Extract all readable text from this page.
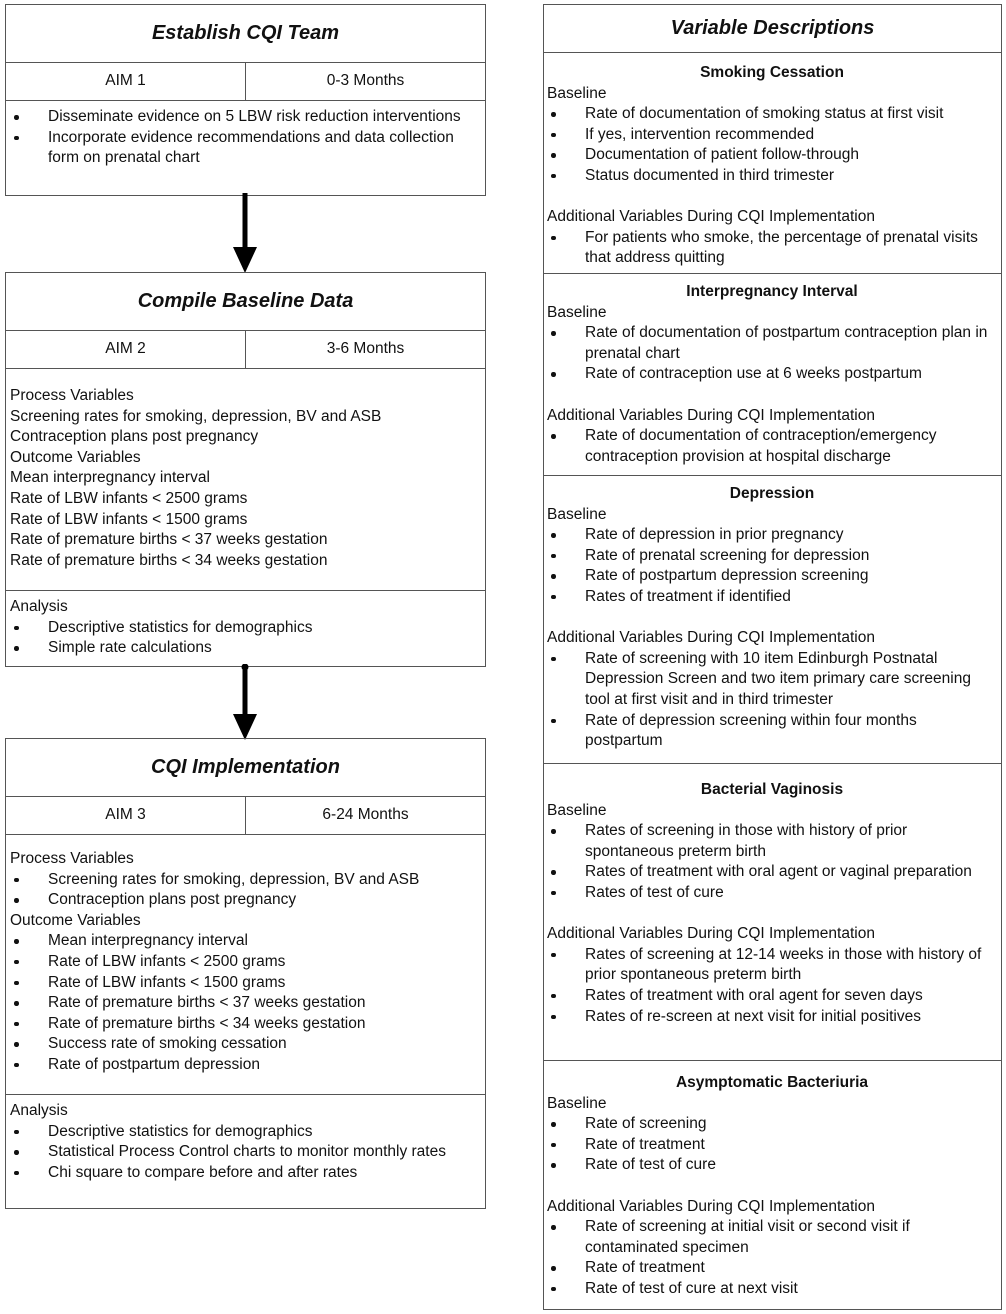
Establish CQI Team
AIM 1	0-3 Months
Disseminate evidence on 5 LBW risk reduction interventions
Incorporate evidence recommendations and data collection form on prenatal chart
Compile Baseline Data
AIM 2	3-6 Months
Process Variables
Screening rates for smoking, depression, BV and ASB
Contraception plans post pregnancy
Outcome Variables
Mean interpregnancy interval
Rate of LBW infants < 2500 grams
Rate of LBW infants < 1500 grams
Rate of premature births < 37 weeks gestation
Rate of premature births < 34 weeks gestation
Analysis
Descriptive statistics for demographics
Simple rate calculations
CQI Implementation
AIM 3	6-24 Months
Process Variables
Screening rates for smoking, depression, BV and ASB
Contraception plans post pregnancy
Outcome Variables
Mean interpregnancy interval
Rate of LBW infants < 2500 grams
Rate of LBW infants < 1500 grams
Rate of premature births < 37 weeks gestation
Rate of premature births < 34 weeks gestation
Success rate of smoking cessation
Rate of postpartum depression
Analysis
Descriptive statistics for demographics
Statistical Process Control charts to monitor monthly rates
Chi square to compare before and after rates
Variable Descriptions
Smoking Cessation
Baseline
Rate of documentation of smoking status at first visit
If yes, intervention recommended
Documentation of patient follow-through
Status documented in third trimester
Additional Variables During CQI Implementation
For patients who smoke, the percentage of prenatal visits that address quitting
Interpregnancy Interval
Baseline
Rate of documentation of postpartum contraception plan in prenatal chart
Rate of contraception use at 6 weeks postpartum
Additional Variables During CQI Implementation
Rate of documentation of contraception/emergency contraception provision at hospital discharge
Depression
Baseline
Rate of depression in prior pregnancy
Rate of prenatal screening for depression
Rate of postpartum depression screening
Rates of treatment if identified
Additional Variables During CQI Implementation
Rate of screening with 10 item Edinburgh Postnatal Depression Screen and two item primary care screening tool at first visit and in third trimester
Rate of depression screening within four months postpartum
Bacterial Vaginosis
Baseline
Rates of screening in those with history of prior spontaneous preterm birth
Rates of treatment with oral agent or vaginal preparation
Rates of test of cure
Additional Variables During CQI Implementation
Rates of screening at 12-14 weeks in those with history of prior spontaneous preterm birth
Rates of treatment with oral agent for seven days
Rates of re-screen at next visit for initial positives
Asymptomatic Bacteriuria
Baseline
Rate of screening
Rate of treatment
Rate of test of cure
Additional Variables During CQI Implementation
Rate of screening at initial visit or second visit if contaminated specimen
Rate of treatment
Rate of test of cure at next visit
